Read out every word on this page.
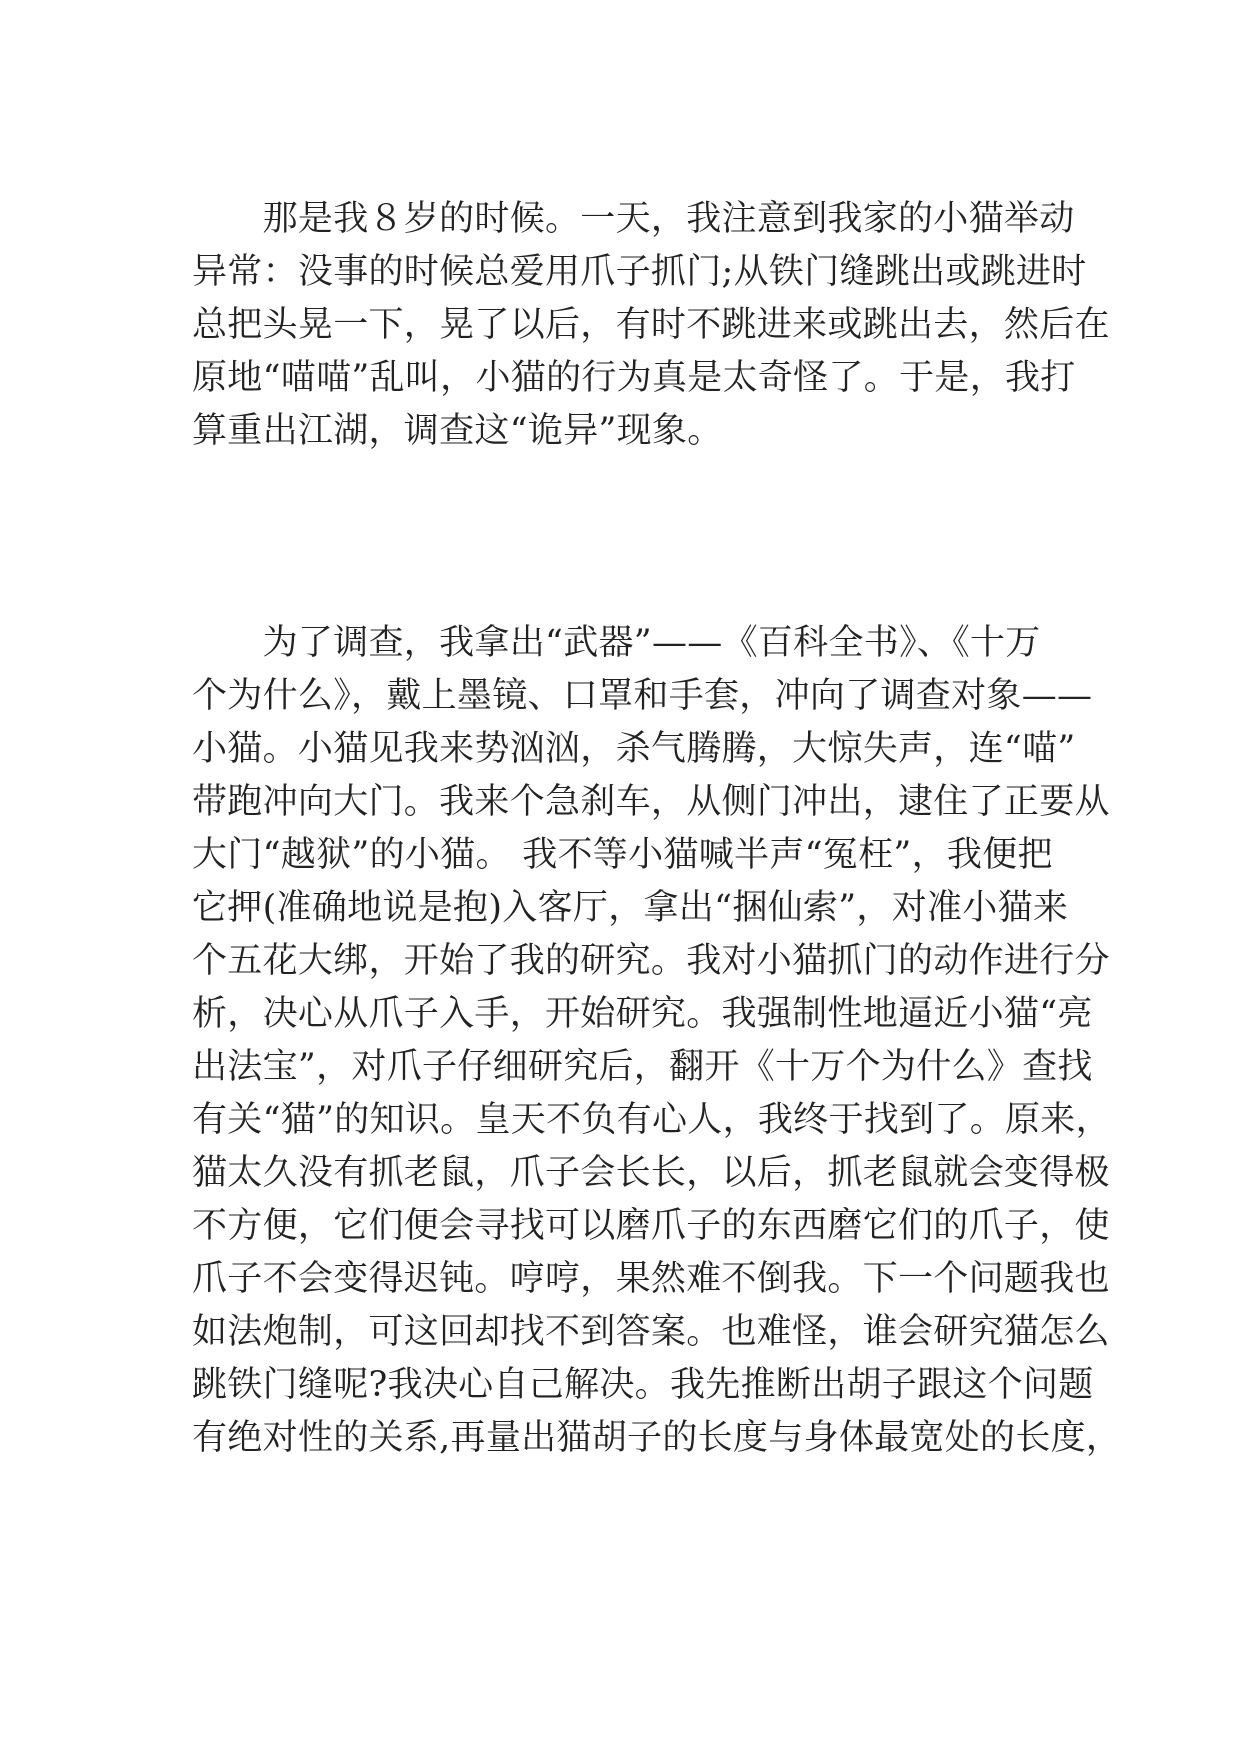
　　那是我８岁的时候。一天，我注意到我家的小猫举动

异常：没事的时候总爱用爪子抓门;从铁门缝跳出或跳进时

总把头晃一下，晃了以后，有时不跳进来或跳出去，然后在

原地“喵喵”乱叫，小猫的行为真是太奇怪了。于是，我打

算重出江湖，调查这“诡异”现象。

　　为了调查，我拿出“武器”——《百科全书》、《十万

个为什么》，戴上墨镜、口罩和手套，冲向了调查对象——

小猫。小猫见我来势汹汹，杀气腾腾，大惊失声，连“喵”

带跑冲向大门。我来个急刹车，从侧门冲出，逮住了正要从

大门“越狱”的小猫。 我不等小猫喊半声“冤枉”，我便把

它押(准确地说是抱)入客厅，拿出“捆仙索”，对准小猫来

个五花大绑，开始了我的研究。我对小猫抓门的动作进行分

析，决心从爪子入手，开始研究。我强制性地逼近小猫“亮

出法宝”，对爪子仔细研究后，翻开《十万个为什么》查找

有关“猫”的知识。皇天不负有心人，我终于找到了。原来，

猫太久没有抓老鼠，爪子会长长，以后，抓老鼠就会变得极

不方便，它们便会寻找可以磨爪子的东西磨它们的爪子，使

爪子不会变得迟钝。哼哼，果然难不倒我。下一个问题我也

如法炮制，可这回却找不到答案。也难怪，谁会研究猫怎么

跳铁门缝呢?我决心自己解决。我先推断出胡子跟这个问题

有绝对性的关系,再量出猫胡子的长度与身体最宽处的长度，
